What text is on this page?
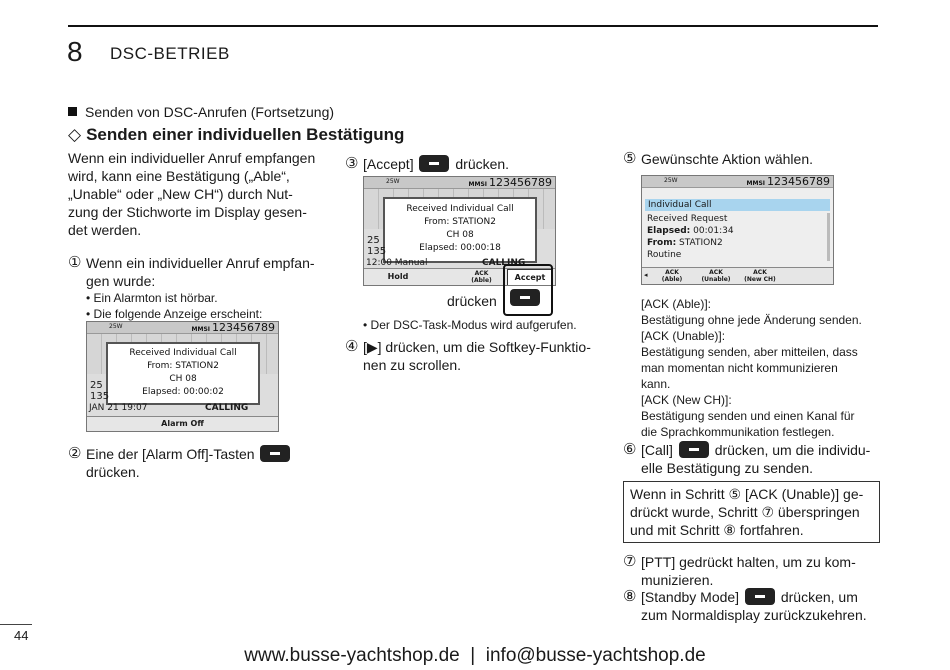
8 DSC-BETRIEB
Senden von DSC-Anrufen (Fortsetzung)
◇ Senden einer individuellen Bestätigung
Wenn ein individueller Anruf empfangen
wird, kann eine Bestätigung („Able“,
„Unable“ oder „New CH“) durch Nut-
zung der Stichworte im Display gesen-
det werden.
① Wenn ein individueller Anruf empfan-
gen wurde:
• Ein Alarmton ist hörbar.
• Die folgende Anzeige erscheint:
25W	MMSI 123456789
Received Individual Call
From: STATION2
CH 08
Elapsed: 00:00:02
25
135
JAN 21 19:07	CALLING
Alarm Off
② Eine der [Alarm Off]-Tasten
drücken.
③ [Accept]	drücken.
25W	MMSI 123456789
Received Individual Call
From: STATION2
CH 08
Elapsed: 00:00:18
25
135
12:00 Manual	CALLING
Hold	ACK
(Able)	Accept
drücken
• Der DSC-Task-Modus wird aufgerufen.
④ [▶] drücken, um die Softkey-Funktio-
nen zu scrollen.
⑤ Gewünschte Aktion wählen.
25W	MMSI 123456789
Individual Call
Received Request
Elapsed: 00:01:34
From: STATION2
Routine
◂	ACK
(Able)
ACK
(Unable)
ACK
(New CH)
[ACK (Able)]:
Bestätigung ohne jede Änderung senden.
[ACK (Unable)]:
Bestätigung senden, aber mitteilen, dass
man momentan nicht kommunizieren
kann.
[ACK (New CH)]:
Bestätigung senden und einen Kanal für
die Sprachkommunikation festlegen.
⑥ [Call]	drücken, um die individu-
elle Bestätigung zu senden.
Wenn in Schritt ⑤ [ACK (Unable)] ge-
drückt wurde, Schritt ⑦ überspringen
und mit Schritt ⑧ fortfahren.
⑦ [PTT] gedrückt halten, um zu kom-
munizieren.
⑧ [Standby Mode]	drücken, um
zum Normaldisplay zurückzukehren.
44
www.busse-yachtshop.de  |  info@busse-yachtshop.de
